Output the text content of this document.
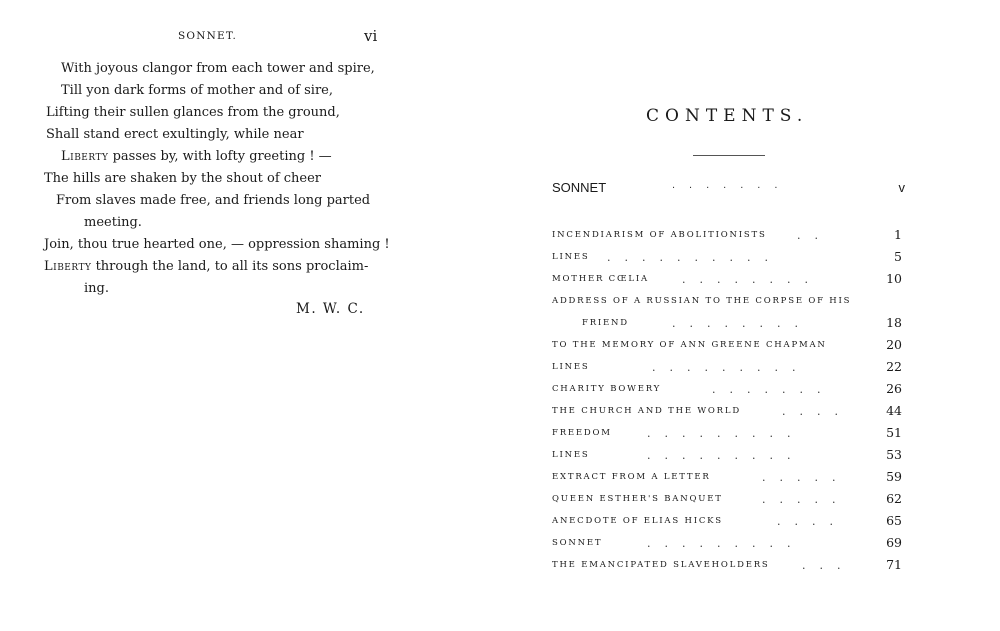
SONNET.	vi
With joyous clangor from each tower and spire,
Till yon dark forms of mother and of sire,
Lifting their sullen glances from the ground,
Shall stand erect exultingly, while near
Liberty passes by, with lofty greeting ! —
The hills are shaken by the shout of cheer
From slaves made free, and friends long parted
meeting.
Join, thou true hearted one, — oppression shaming !
Liberty through the land, to all its sons proclaim-
ing.
M. W. C.
CONTENTS.
SONNET	.......	v
INCENDIARISM OF ABOLITIONISTS	..	1
LINES ..........	5
MOTHER CŒLIA	........	10
ADDRESS OF A RUSSIAN TO THE CORPSE OF HIS
FRIEND	........	18
TO THE MEMORY OF ANN GREENE CHAPMAN	20
LINES	.........	22
CHARITY BOWERY	.......	26
THE CHURCH AND THE WORLD	....	44
FREEDOM	.........	51
LINES	.........	53
EXTRACT FROM A LETTER	.....	59
QUEEN ESTHER'S BANQUET	.....	62
ANECDOTE OF ELIAS HICKS	....	65
SONNET	.........	69
THE EMANCIPATED SLAVEHOLDERS	...	71
